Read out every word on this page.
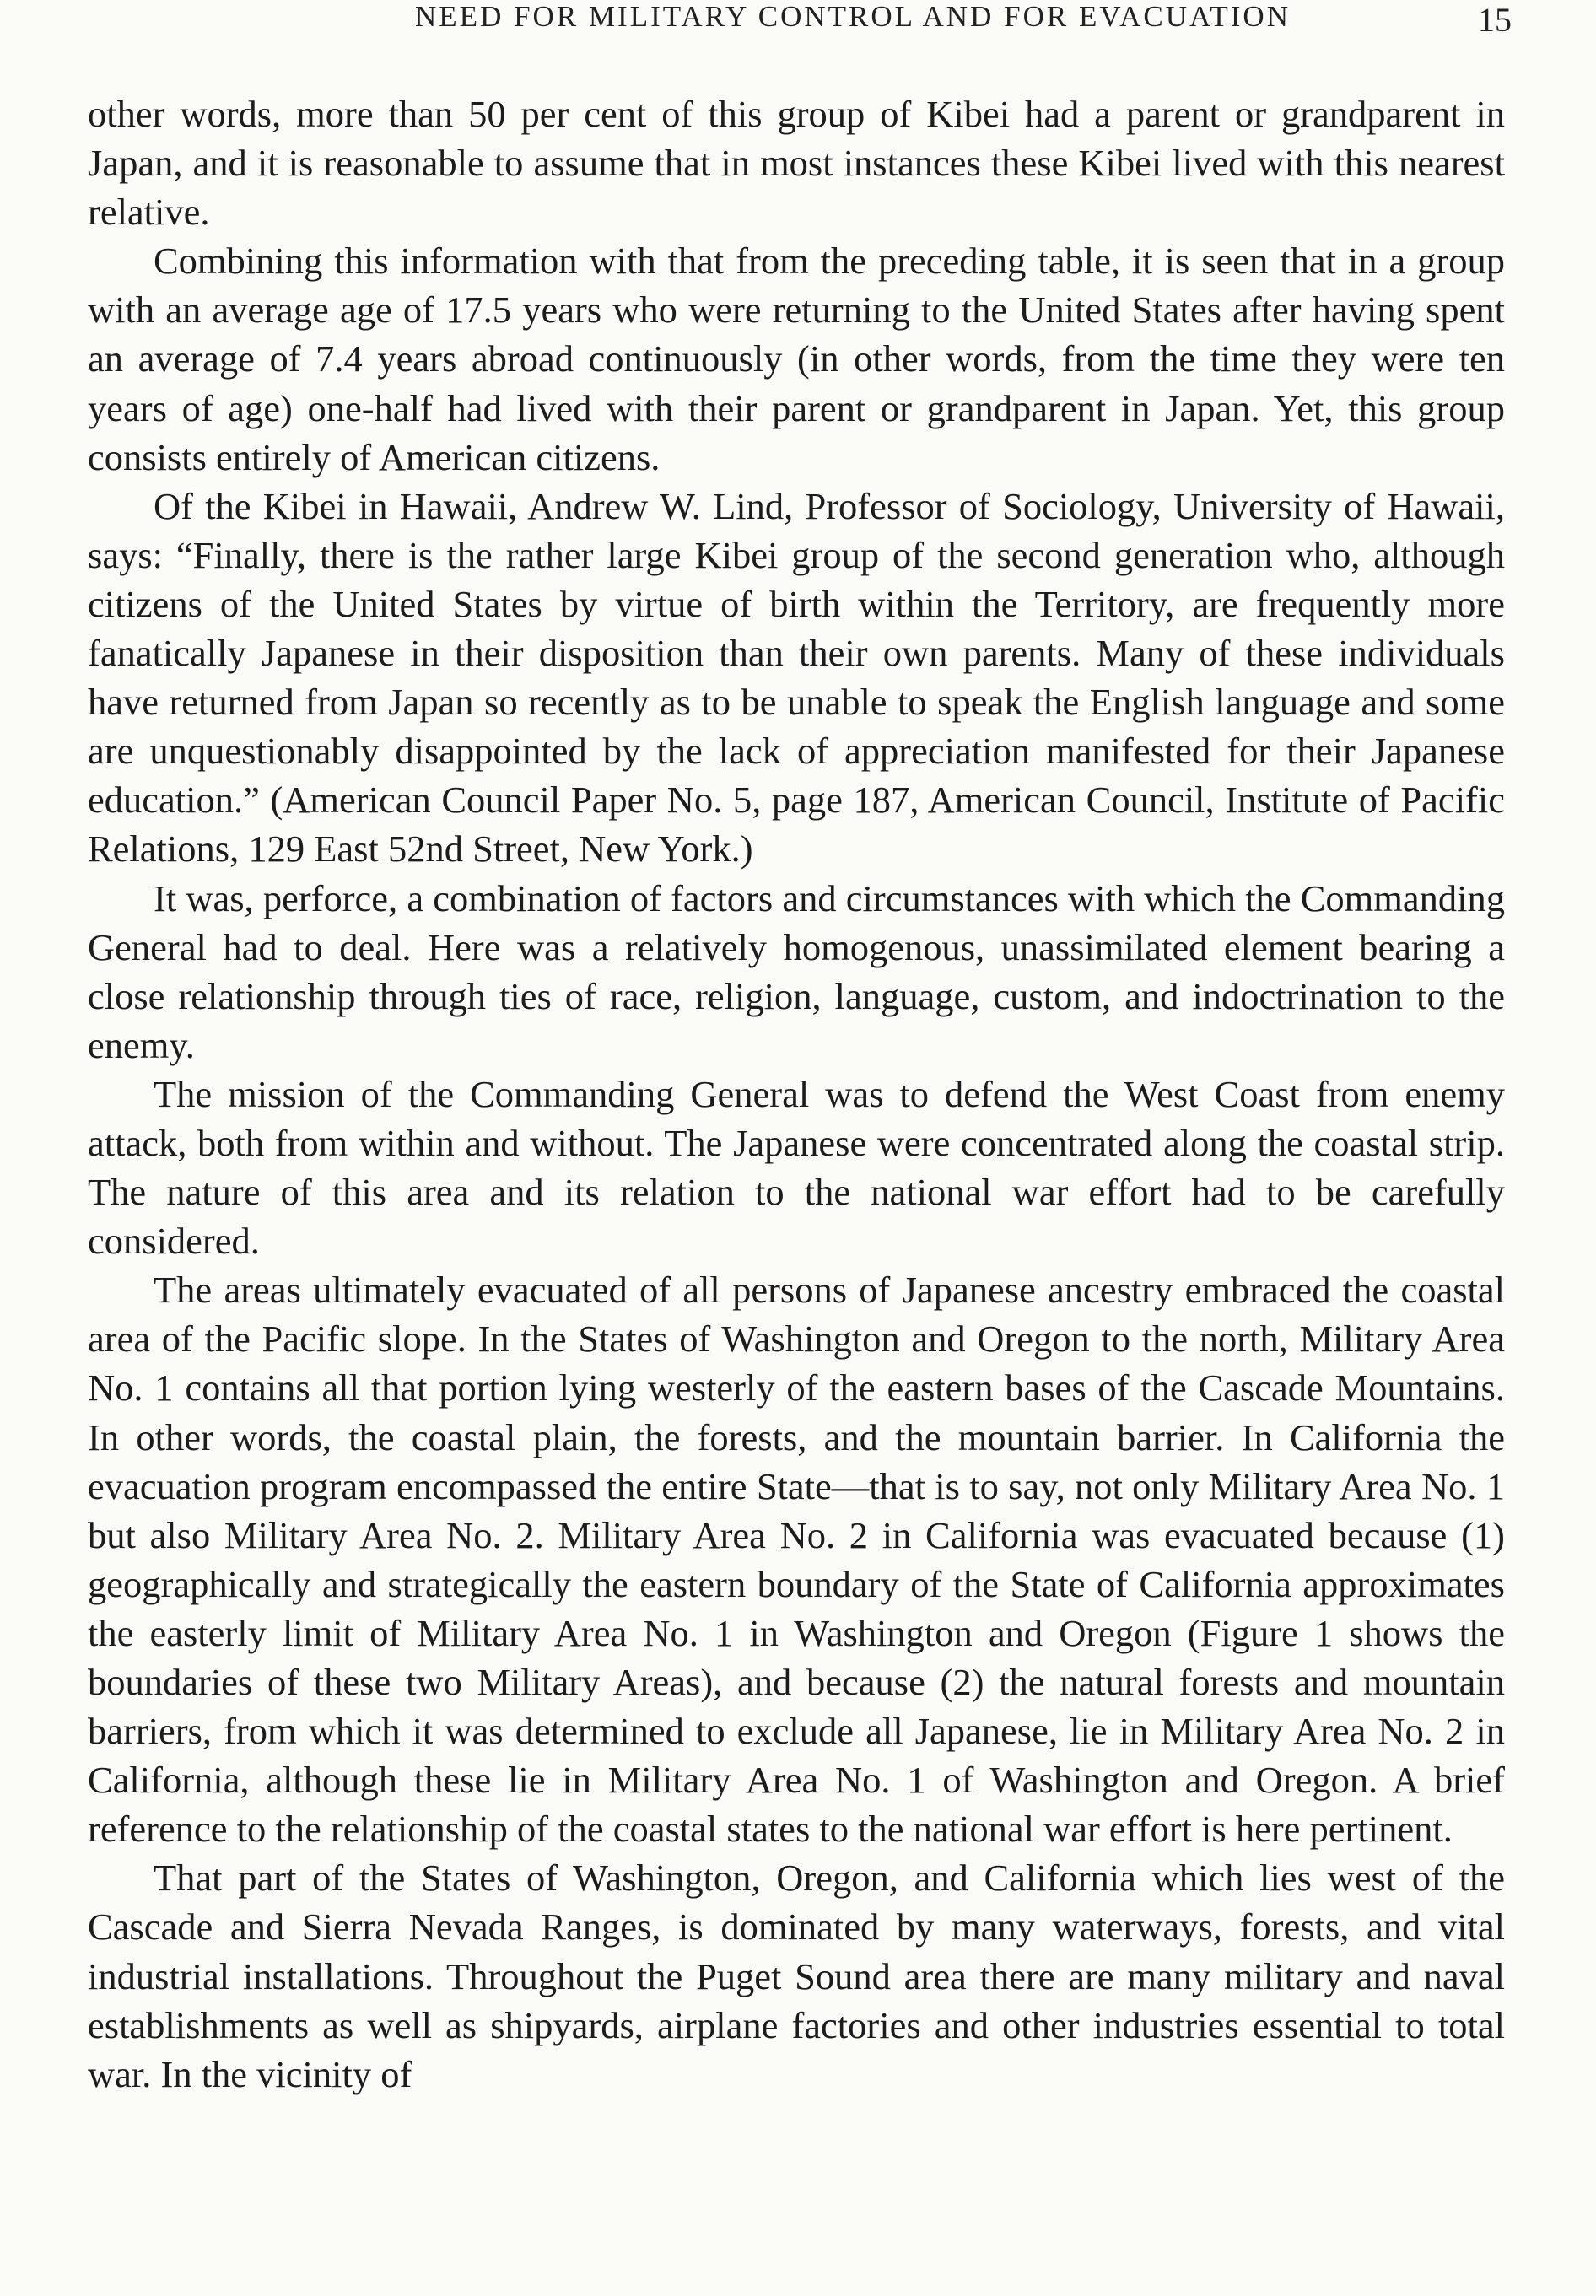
NEED FOR MILITARY CONTROL AND FOR EVACUATION	15

other words, more than 50 per cent of this group of Kibei had a parent or grandparent in Japan, and it is reasonable to assume that in most instances these Kibei lived with this nearest relative.

Combining this information with that from the preceding table, it is seen that in a group with an average age of 17.5 years who were returning to the United States after having spent an average of 7.4 years abroad continuously (in other words, from the time they were ten years of age) one-half had lived with their parent or grandparent in Japan. Yet, this group consists entirely of American citizens.

Of the Kibei in Hawaii, Andrew W. Lind, Professor of Sociology, University of Hawaii, says: “Finally, there is the rather large Kibei group of the second generation who, although citizens of the United States by virtue of birth within the Territory, are frequently more fanatically Japanese in their disposition than their own parents. Many of these individuals have returned from Japan so recently as to be unable to speak the English language and some are unquestionably disappointed by the lack of appreciation manifested for their Japanese education.” (American Council Paper No. 5, page 187, American Council, Institute of Pacific Relations, 129 East 52nd Street, New York.)

It was, perforce, a combination of factors and circumstances with which the Commanding General had to deal. Here was a relatively homogenous, unassimilated element bearing a close relationship through ties of race, religion, language, custom, and indoctrination to the enemy.

The mission of the Commanding General was to defend the West Coast from enemy attack, both from within and without. The Japanese were concentrated along the coastal strip. The nature of this area and its relation to the national war effort had to be carefully considered.

The areas ultimately evacuated of all persons of Japanese ancestry embraced the coastal area of the Pacific slope. In the States of Washington and Oregon to the north, Military Area No. 1 contains all that portion lying westerly of the eastern bases of the Cascade Mountains. In other words, the coastal plain, the forests, and the mountain barrier. In California the evacuation program encompassed the entire State—that is to say, not only Military Area No. 1 but also Military Area No. 2. Military Area No. 2 in California was evacuated because (1) geographically and strategically the eastern boundary of the State of California approximates the easterly limit of Military Area No. 1 in Washington and Oregon (Figure 1 shows the boundaries of these two Military Areas), and because (2) the natural forests and mountain barriers, from which it was determined to exclude all Japanese, lie in Military Area No. 2 in California, although these lie in Military Area No. 1 of Washington and Oregon. A brief reference to the relationship of the coastal states to the national war effort is here pertinent.

That part of the States of Washington, Oregon, and California which lies west of the Cascade and Sierra Nevada Ranges, is dominated by many waterways, forests, and vital industrial installations. Throughout the Puget Sound area there are many military and naval establishments as well as shipyards, airplane factories and other industries essential to total war. In the vicinity of
